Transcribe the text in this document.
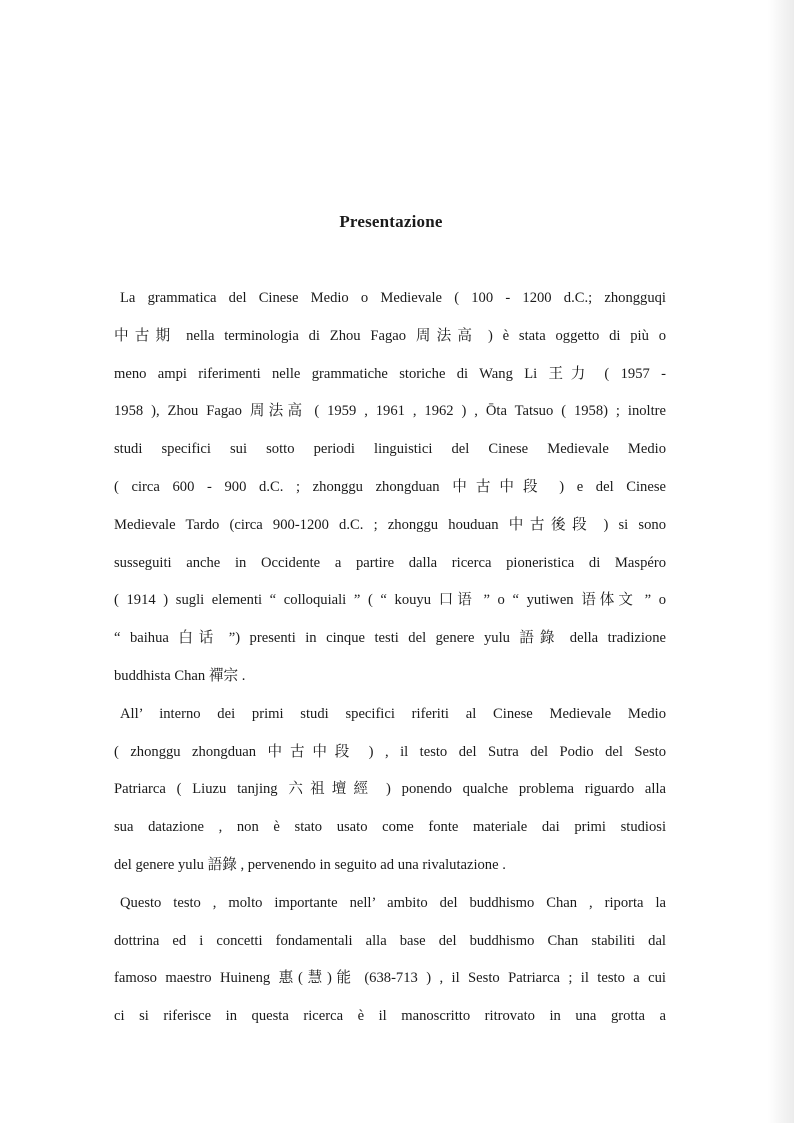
Presentazione
La grammatica del Cinese Medio o Medievale ( 100 - 1200 d.C.; zhongguqi
中古期 nella terminologia di Zhou Fagao 周法高 ) è stata oggetto di più o
meno ampi riferimenti nelle grammatiche storiche di Wang Li 王力 ( 1957 -
1958 ), Zhou Fagao 周法高 ( 1959 , 1961 , 1962 ) , Ōta Tatsuo ( 1958) ; inoltre
studi specifici sui sotto periodi linguistici del Cinese Medievale Medio
( circa 600 - 900 d.C. ; zhonggu zhongduan 中古中段 ) e del Cinese
Medievale Tardo (circa 900-1200 d.C. ; zhonggu houduan 中古後段 ) si sono
susseguiti anche in Occidente a partire dalla ricerca pioneristica di Maspéro
( 1914 ) sugli elementi “ colloquiali ” ( “ kouyu 口语 ” o “ yutiwen 语体文 ” o
“ baihua 白话 ”) presenti in cinque testi del genere yulu 語錄 della tradizione
buddhista Chan 禪宗 .
All’ interno dei primi studi specifici riferiti al Cinese Medievale Medio
( zhonggu zhongduan 中古中段 ) , il testo del Sutra del Podio del Sesto
Patriarca ( Liuzu tanjing 六祖壇經 ) ponendo qualche problema riguardo alla
sua datazione , non è stato usato come fonte materiale dai primi studiosi
del genere yulu 語錄 , pervenendo in seguito ad una rivalutazione .
Questo testo , molto importante nell’ ambito del buddhismo Chan , riporta la
dottrina ed i concetti fondamentali alla base del buddhismo Chan stabiliti dal
famoso maestro Huineng 惠(慧)能 (638-713 ) , il Sesto Patriarca ; il testo a cui
ci si riferisce in questa ricerca è il manoscritto ritrovato in una grotta a
